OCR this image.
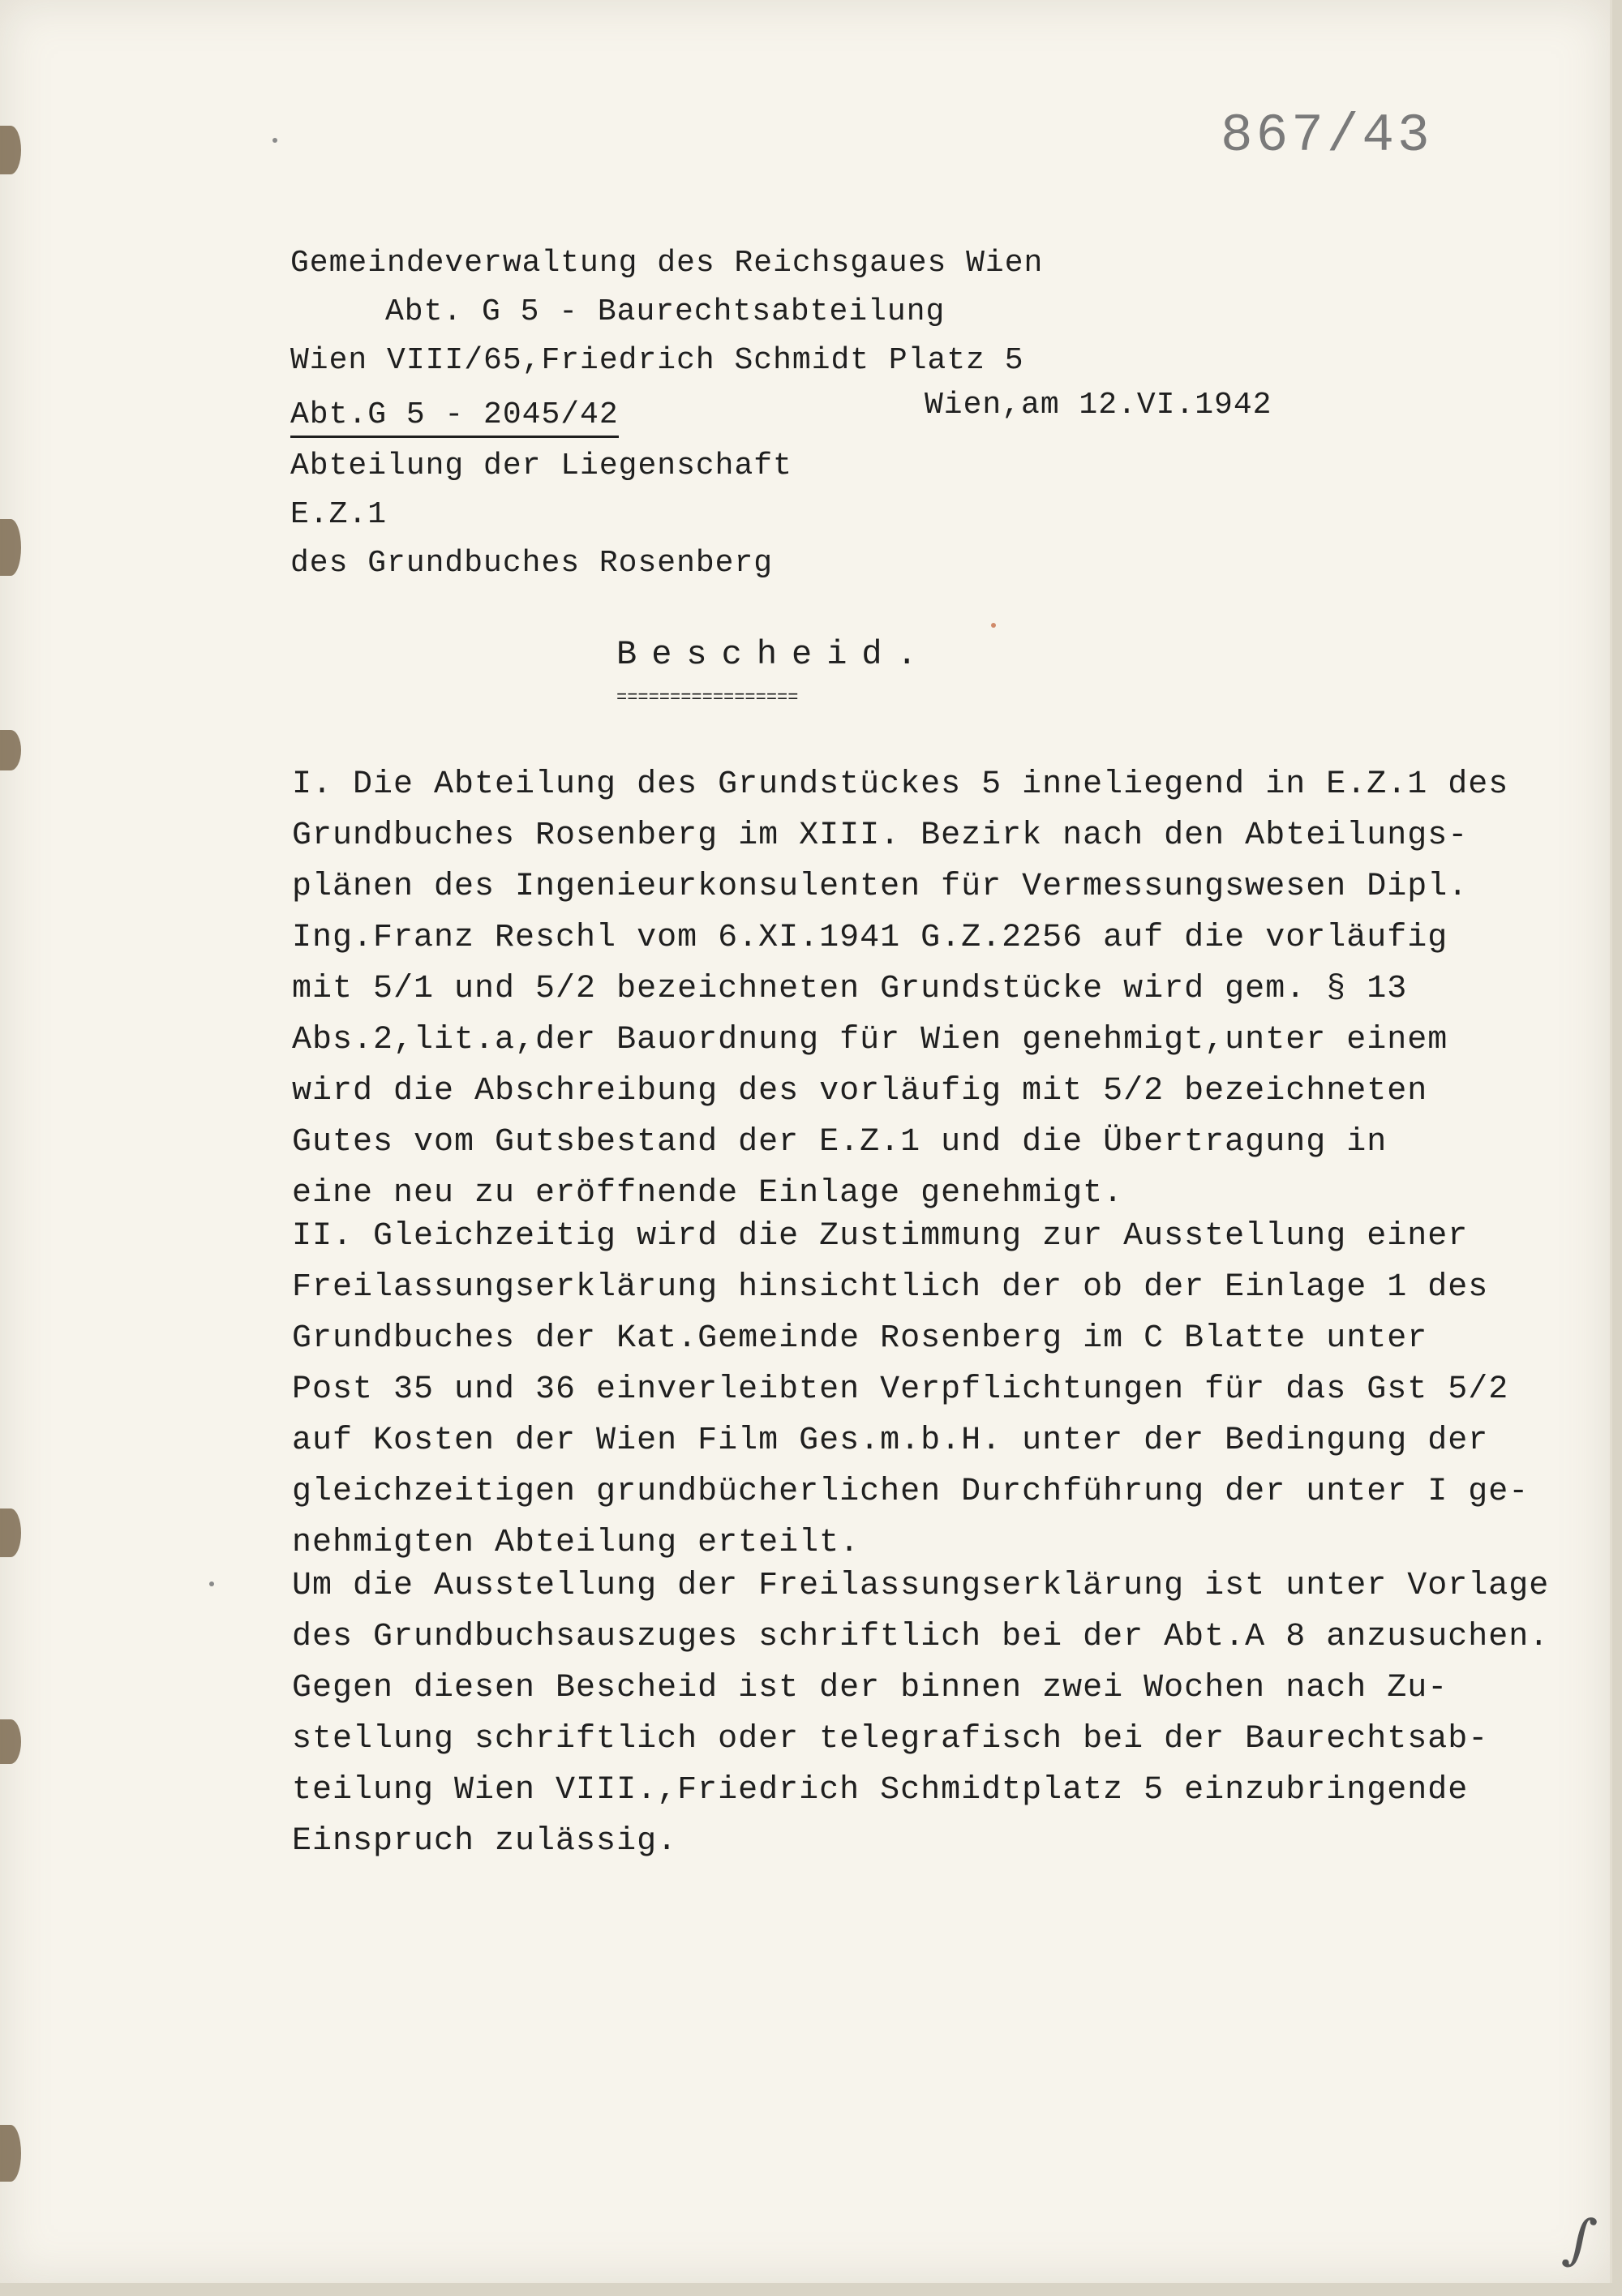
867/43
Gemeindeverwaltung des Reichsgaues Wien
Abt. G 5 - Baurechtsabteilung
Wien VIII/65,Friedrich Schmidt Platz 5
Abt.G 5 - 2045/42	Wien,am 12.VI.1942
Abteilung der Liegenschaft
E.Z.1
des Grundbuches Rosenberg
Bescheid.
=================
I. Die Abteilung des Grundstückes 5 inneliegend in E.Z.1 des
Grundbuches Rosenberg im XIII. Bezirk nach den Abteilungs-
plänen des Ingenieurkonsulenten für Vermessungswesen Dipl.
Ing.Franz Reschl vom 6.XI.1941 G.Z.2256 auf die vorläufig
mit 5/1 und 5/2 bezeichneten Grundstücke wird gem. § 13
Abs.2,lit.a,der Bauordnung für Wien genehmigt,unter einem
wird die Abschreibung des vorläufig mit 5/2 bezeichneten
Gutes vom Gutsbestand der E.Z.1 und die Übertragung in
eine neu zu eröffnende Einlage genehmigt.
II. Gleichzeitig wird die Zustimmung zur Ausstellung einer
Freilassungserklärung hinsichtlich der ob der Einlage 1 des
Grundbuches der Kat.Gemeinde Rosenberg im C Blatte unter
Post 35 und 36 einverleibten Verpflichtungen für das Gst 5/2
auf Kosten der Wien Film Ges.m.b.H. unter der Bedingung der
gleichzeitigen grundbücherlichen Durchführung der unter I ge-
nehmigten Abteilung erteilt.
Um die Ausstellung der Freilassungserklärung ist unter Vorlage
des Grundbuchsauszuges schriftlich bei der Abt.A 8 anzusuchen.
Gegen diesen Bescheid ist der binnen zwei Wochen nach Zu-
stellung schriftlich oder telegrafisch bei der Baurechtsab-
teilung Wien VIII.,Friedrich Schmidtplatz 5 einzubringende
Einspruch zulässig.
∫
